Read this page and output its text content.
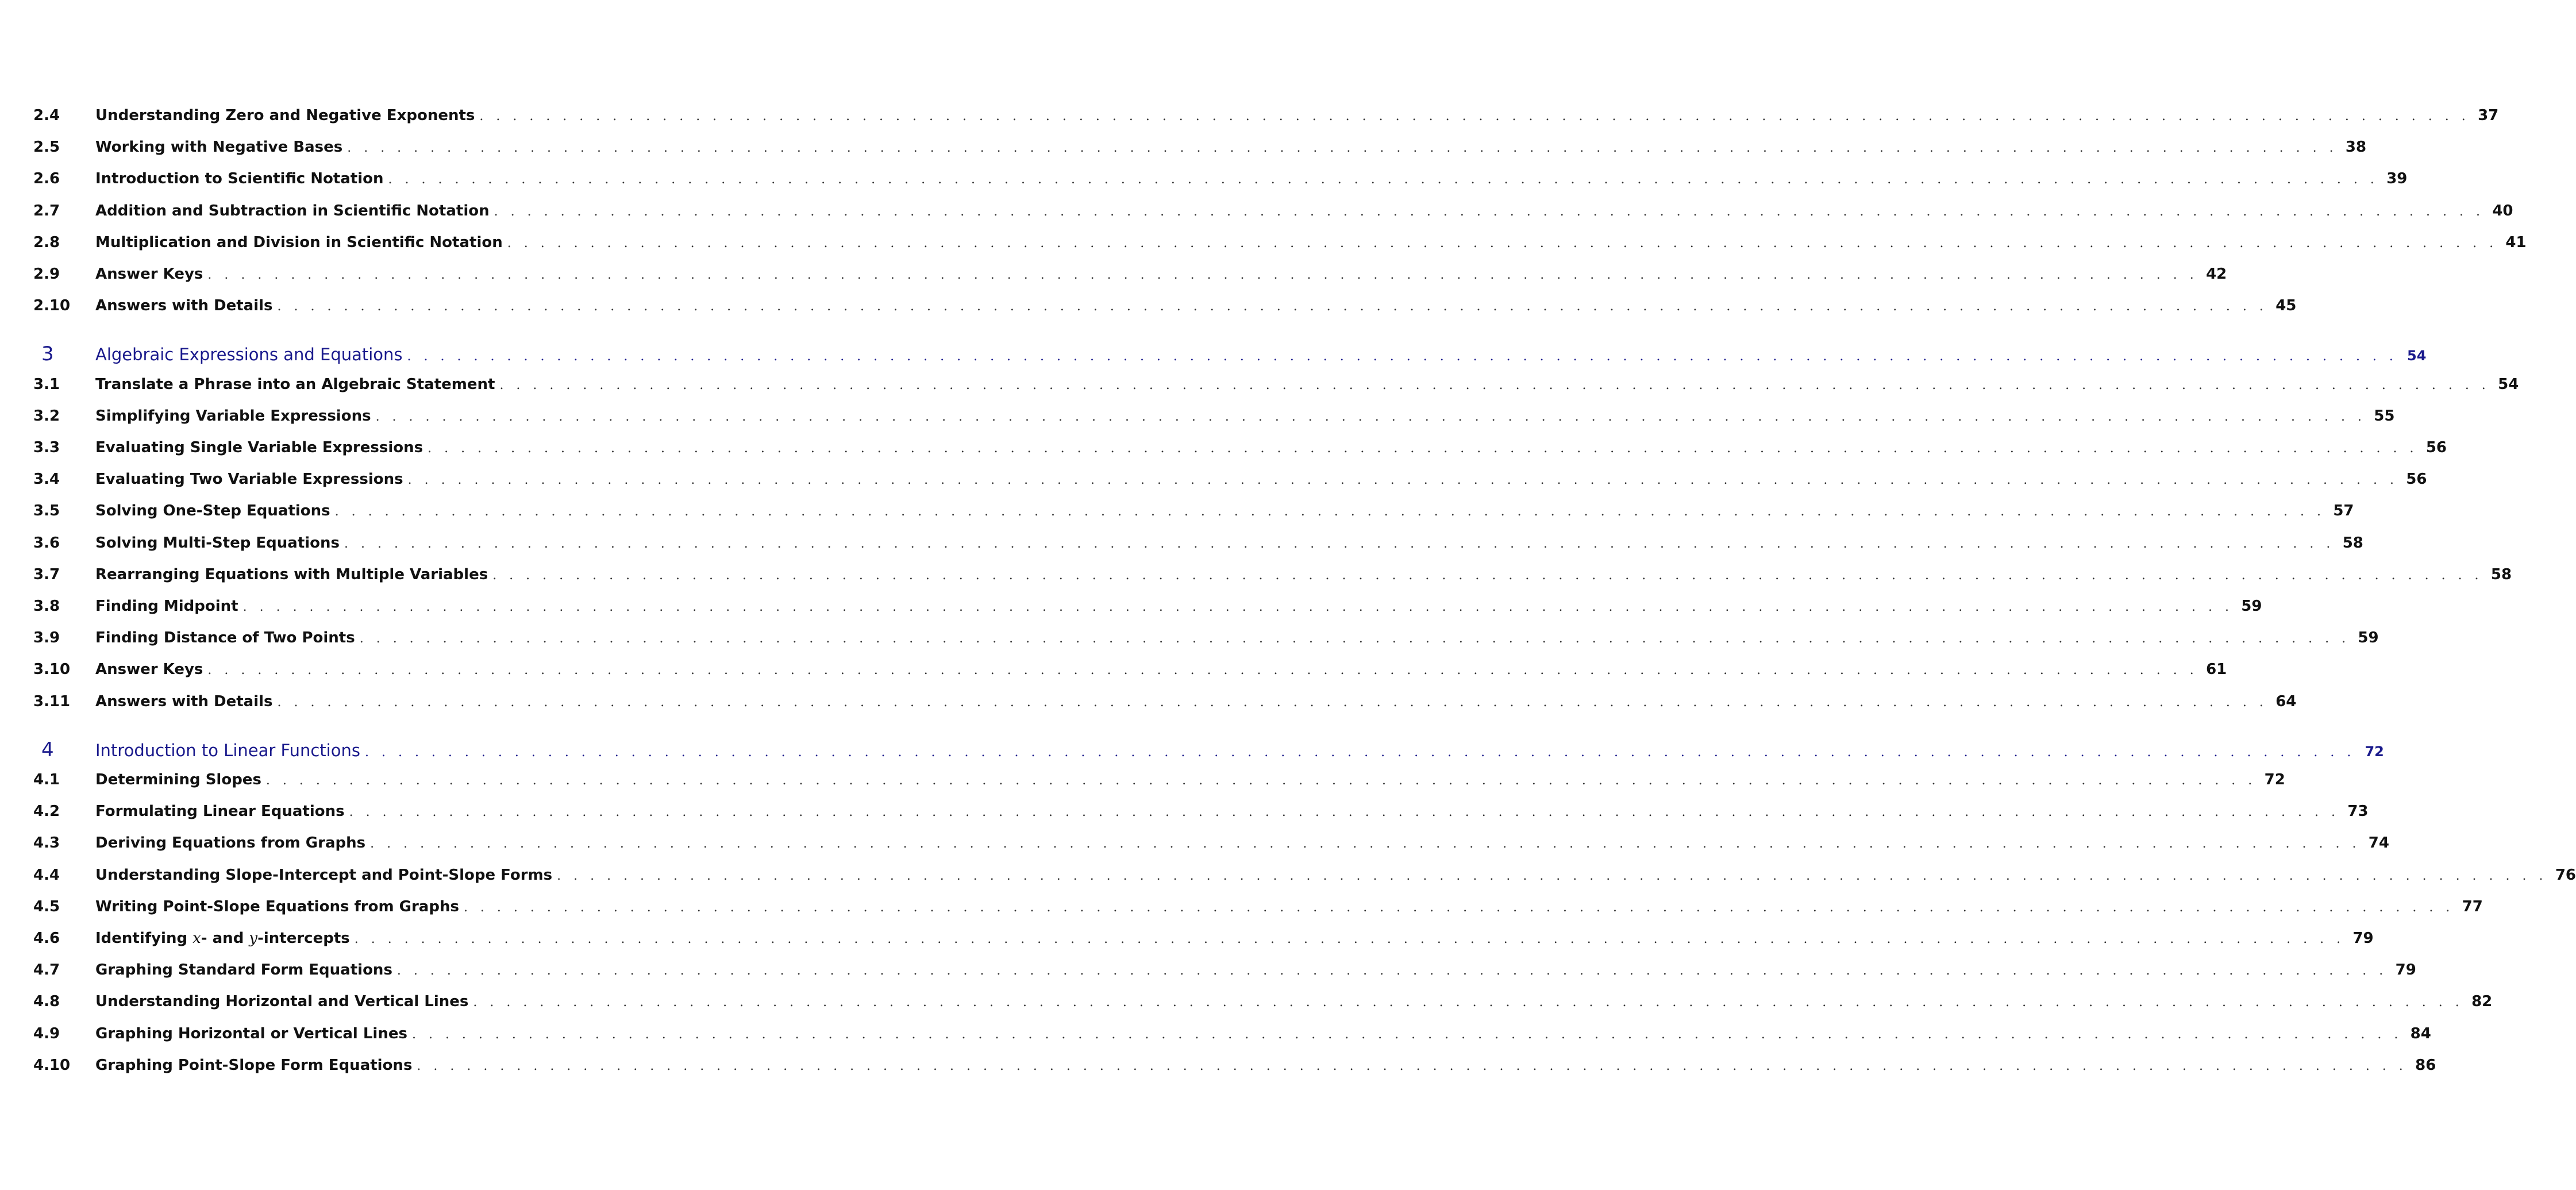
2.4	Understanding Zero and Negative Exponents . . . . . . . . . . . . . . . . . . . . . . . . . . . . . . . . . . . . . . . . . . . . . . . . . . . . . . . . . . . . . . . . . . . . . . . . . . . . . . . . . . . . . . . . . . . . . . . . . . . . . . . . . . . . . . . . . . . . . . . . 37
2.5	Working with Negative Bases . . . . . . . . . . . . . . . . . . . . . . . . . . . . . . . . . . . . . . . . . . . . . . . . . . . . . . . . . . . . . . . . . . . . . . . . . . . . . . . . . . . . . . . . . . . . . . . . . . . . . . . . . . . . . . . . . . . . . . . . 38
2.6	Introduction to Scientific Notation . . . . . . . . . . . . . . . . . . . . . . . . . . . . . . . . . . . . . . . . . . . . . . . . . . . . . . . . . . . . . . . . . . . . . . . . . . . . . . . . . . . . . . . . . . . . . . . . . . . . . . . . . . . . . . . . . . . . . . . . 39
2.7	Addition and Subtraction in Scientific Notation . . . . . . . . . . . . . . . . . . . . . . . . . . . . . . . . . . . . . . . . . . . . . . . . . . . . . . . . . . . . . . . . . . . . . . . . . . . . . . . . . . . . . . . . . . . . . . . . . . . . . . . . . . . . . . . . . . . . . . . . 40
2.8	Multiplication and Division in Scientific Notation . . . . . . . . . . . . . . . . . . . . . . . . . . . . . . . . . . . . . . . . . . . . . . . . . . . . . . . . . . . . . . . . . . . . . . . . . . . . . . . . . . . . . . . . . . . . . . . . . . . . . . . . . . . . . . . . . . . . . . . . 41
2.9	Answer Keys . . . . . . . . . . . . . . . . . . . . . . . . . . . . . . . . . . . . . . . . . . . . . . . . . . . . . . . . . . . . . . . . . . . . . . . . . . . . . . . . . . . . . . . . . . . . . . . . . . . . . . . . . . . . . . . . . . . . . . . . 42
2.10	Answers with Details . . . . . . . . . . . . . . . . . . . . . . . . . . . . . . . . . . . . . . . . . . . . . . . . . . . . . . . . . . . . . . . . . . . . . . . . . . . . . . . . . . . . . . . . . . . . . . . . . . . . . . . . . . . . . . . . . . . . . . . . 45
3	Algebraic Expressions and Equations . . . . . . . . . . . . . . . . . . . . . . . . . . . . . . . . . . . . . . . . . . . . . . . . . . . . . . . . . . . . . . . . . . . . . . . . . . . . . . . . . . . . . . . . . . . . . . . . . . . . . . . . . . . . . . . . . . . . . . . . 54
3.1	Translate a Phrase into an Algebraic Statement . . . . . . . . . . . . . . . . . . . . . . . . . . . . . . . . . . . . . . . . . . . . . . . . . . . . . . . . . . . . . . . . . . . . . . . . . . . . . . . . . . . . . . . . . . . . . . . . . . . . . . . . . . . . . . . . . . . . . . . . 54
3.2	Simplifying Variable Expressions . . . . . . . . . . . . . . . . . . . . . . . . . . . . . . . . . . . . . . . . . . . . . . . . . . . . . . . . . . . . . . . . . . . . . . . . . . . . . . . . . . . . . . . . . . . . . . . . . . . . . . . . . . . . . . . . . . . . . . . . 55
3.3	Evaluating Single Variable Expressions . . . . . . . . . . . . . . . . . . . . . . . . . . . . . . . . . . . . . . . . . . . . . . . . . . . . . . . . . . . . . . . . . . . . . . . . . . . . . . . . . . . . . . . . . . . . . . . . . . . . . . . . . . . . . . . . . . . . . . . . 56
3.4	Evaluating Two Variable Expressions . . . . . . . . . . . . . . . . . . . . . . . . . . . . . . . . . . . . . . . . . . . . . . . . . . . . . . . . . . . . . . . . . . . . . . . . . . . . . . . . . . . . . . . . . . . . . . . . . . . . . . . . . . . . . . . . . . . . . . . . 56
3.5	Solving One-Step Equations . . . . . . . . . . . . . . . . . . . . . . . . . . . . . . . . . . . . . . . . . . . . . . . . . . . . . . . . . . . . . . . . . . . . . . . . . . . . . . . . . . . . . . . . . . . . . . . . . . . . . . . . . . . . . . . . . . . . . . . . 57
3.6	Solving Multi-Step Equations . . . . . . . . . . . . . . . . . . . . . . . . . . . . . . . . . . . . . . . . . . . . . . . . . . . . . . . . . . . . . . . . . . . . . . . . . . . . . . . . . . . . . . . . . . . . . . . . . . . . . . . . . . . . . . . . . . . . . . . . 58
3.7	Rearranging Equations with Multiple Variables . . . . . . . . . . . . . . . . . . . . . . . . . . . . . . . . . . . . . . . . . . . . . . . . . . . . . . . . . . . . . . . . . . . . . . . . . . . . . . . . . . . . . . . . . . . . . . . . . . . . . . . . . . . . . . . . . . . . . . . . 58
3.8	Finding Midpoint . . . . . . . . . . . . . . . . . . . . . . . . . . . . . . . . . . . . . . . . . . . . . . . . . . . . . . . . . . . . . . . . . . . . . . . . . . . . . . . . . . . . . . . . . . . . . . . . . . . . . . . . . . . . . . . . . . . . . . . . 59
3.9	Finding Distance of Two Points . . . . . . . . . . . . . . . . . . . . . . . . . . . . . . . . . . . . . . . . . . . . . . . . . . . . . . . . . . . . . . . . . . . . . . . . . . . . . . . . . . . . . . . . . . . . . . . . . . . . . . . . . . . . . . . . . . . . . . . . 59
3.10	Answer Keys . . . . . . . . . . . . . . . . . . . . . . . . . . . . . . . . . . . . . . . . . . . . . . . . . . . . . . . . . . . . . . . . . . . . . . . . . . . . . . . . . . . . . . . . . . . . . . . . . . . . . . . . . . . . . . . . . . . . . . . . 61
3.11	Answers with Details . . . . . . . . . . . . . . . . . . . . . . . . . . . . . . . . . . . . . . . . . . . . . . . . . . . . . . . . . . . . . . . . . . . . . . . . . . . . . . . . . . . . . . . . . . . . . . . . . . . . . . . . . . . . . . . . . . . . . . . . 64
4	Introduction to Linear Functions . . . . . . . . . . . . . . . . . . . . . . . . . . . . . . . . . . . . . . . . . . . . . . . . . . . . . . . . . . . . . . . . . . . . . . . . . . . . . . . . . . . . . . . . . . . . . . . . . . . . . . . . . . . . . . . . . . . . . . . . 72
4.1	Determining Slopes . . . . . . . . . . . . . . . . . . . . . . . . . . . . . . . . . . . . . . . . . . . . . . . . . . . . . . . . . . . . . . . . . . . . . . . . . . . . . . . . . . . . . . . . . . . . . . . . . . . . . . . . . . . . . . . . . . . . . . . . 72
4.2	Formulating Linear Equations . . . . . . . . . . . . . . . . . . . . . . . . . . . . . . . . . . . . . . . . . . . . . . . . . . . . . . . . . . . . . . . . . . . . . . . . . . . . . . . . . . . . . . . . . . . . . . . . . . . . . . . . . . . . . . . . . . . . . . . . 73
4.3	Deriving Equations from Graphs . . . . . . . . . . . . . . . . . . . . . . . . . . . . . . . . . . . . . . . . . . . . . . . . . . . . . . . . . . . . . . . . . . . . . . . . . . . . . . . . . . . . . . . . . . . . . . . . . . . . . . . . . . . . . . . . . . . . . . . . 74
4.4	Understanding Slope-Intercept and Point-Slope Forms . . . . . . . . . . . . . . . . . . . . . . . . . . . . . . . . . . . . . . . . . . . . . . . . . . . . . . . . . . . . . . . . . . . . . . . . . . . . . . . . . . . . . . . . . . . . . . . . . . . . . . . . . . . . . . . . . . . . . . . . 76
4.5	Writing Point-Slope Equations from Graphs . . . . . . . . . . . . . . . . . . . . . . . . . . . . . . . . . . . . . . . . . . . . . . . . . . . . . . . . . . . . . . . . . . . . . . . . . . . . . . . . . . . . . . . . . . . . . . . . . . . . . . . . . . . . . . . . . . . . . . . . 77
4.6	Identifying x- and y-intercepts . . . . . . . . . . . . . . . . . . . . . . . . . . . . . . . . . . . . . . . . . . . . . . . . . . . . . . . . . . . . . . . . . . . . . . . . . . . . . . . . . . . . . . . . . . . . . . . . . . . . . . . . . . . . . . . . . . . . . . . . 79
4.7	Graphing Standard Form Equations . . . . . . . . . . . . . . . . . . . . . . . . . . . . . . . . . . . . . . . . . . . . . . . . . . . . . . . . . . . . . . . . . . . . . . . . . . . . . . . . . . . . . . . . . . . . . . . . . . . . . . . . . . . . . . . . . . . . . . . . 79
4.8	Understanding Horizontal and Vertical Lines . . . . . . . . . . . . . . . . . . . . . . . . . . . . . . . . . . . . . . . . . . . . . . . . . . . . . . . . . . . . . . . . . . . . . . . . . . . . . . . . . . . . . . . . . . . . . . . . . . . . . . . . . . . . . . . . . . . . . . . . 82
4.9	Graphing Horizontal or Vertical Lines . . . . . . . . . . . . . . . . . . . . . . . . . . . . . . . . . . . . . . . . . . . . . . . . . . . . . . . . . . . . . . . . . . . . . . . . . . . . . . . . . . . . . . . . . . . . . . . . . . . . . . . . . . . . . . . . . . . . . . . . 84
4.10	Graphing Point-Slope Form Equations . . . . . . . . . . . . . . . . . . . . . . . . . . . . . . . . . . . . . . . . . . . . . . . . . . . . . . . . . . . . . . . . . . . . . . . . . . . . . . . . . . . . . . . . . . . . . . . . . . . . . . . . . . . . . . . . . . . . . . . . 86
